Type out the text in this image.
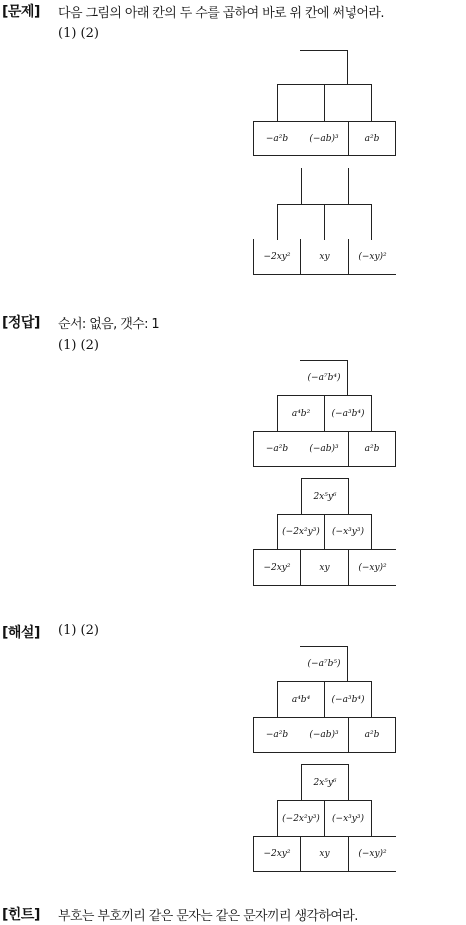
[문제] 다음 그림의 아래 칸의 두 수를 곱하여 바로 위 칸에 써넣어라.
(1) (2)
−a²b	(−ab)³	a²b
−2xy²	xy	(−xy)²
[정답] 순서: 없음, 갯수: 1
(1) (2)
(−a⁷b⁴)
a⁴b²	(−a³b⁴)
−a²b	(−ab)³	a²b
2x⁵y⁶
(−2x²y³)	(−x³y³)
−2xy²	xy	(−xy)²
[해설] (1) (2)
(−a⁷b⁵)
a⁴b⁴	(−a³b⁴)
−a²b	(−ab)³	a²b
2x⁵y⁶
(−2x²y³)	(−x³y³)
−2xy²	xy	(−xy)²
[힌트] 부호는 부호끼리 같은 문자는 같은 문자끼리 생각하여라.
